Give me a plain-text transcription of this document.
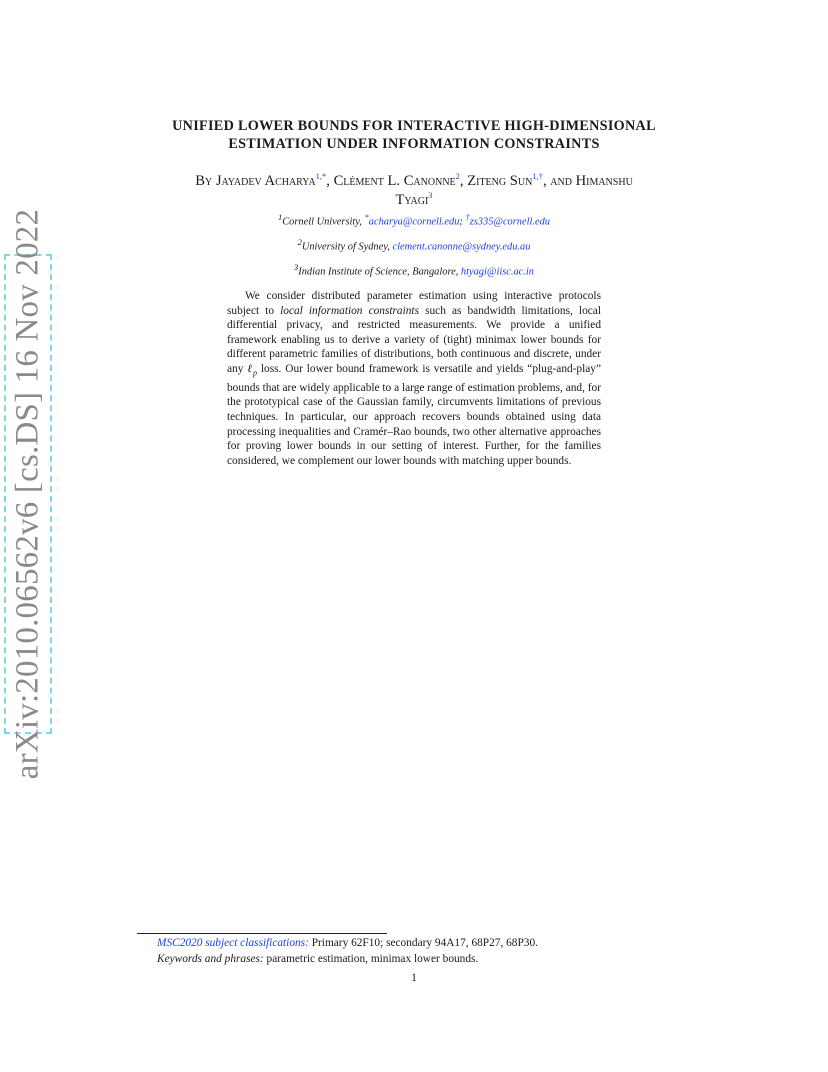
arXiv:2010.06562v6 [cs.DS] 16 Nov 2022
UNIFIED LOWER BOUNDS FOR INTERACTIVE HIGH-DIMENSIONAL
ESTIMATION UNDER INFORMATION CONSTRAINTS
By Jayadev Acharya$^{1,*}$, Clément L. Canonne$^2$, Ziteng Sun$^{1,\dagger}$, and Himanshu
Tyagi$^3$
$^1$Cornell University, *acharya@cornell.edu; †zs335@cornell.edu
$^2$University of Sydney, clement.canonne@sydney.edu.au
$^3$Indian Institute of Science, Bangalore, htyagi@iisc.ac.in

We consider distributed parameter estimation using interactive protocols subject to local information constraints such as bandwidth limitations, local differential privacy, and restricted measurements. We provide a unified framework enabling us to derive a variety of (tight) minimax lower bounds for different parametric families of distributions, both continuous and discrete, under any ℓ$_p$ loss. Our lower bound framework is versatile and yields “plug-and-play” bounds that are widely applicable to a large range of estimation problems, and, for the prototypical case of the Gaussian family, circumvents limitations of previous techniques. In particular, our approach recovers bounds obtained using data processing inequalities and Cramér–Rao bounds, two other alternative approaches for proving lower bounds in our setting of interest. Further, for the families considered, we complement our lower bounds with matching upper bounds.

MSC2020 subject classifications: Primary 62F10; secondary 94A17, 68P27, 68P30.
Keywords and phrases: parametric estimation, minimax lower bounds.
1
